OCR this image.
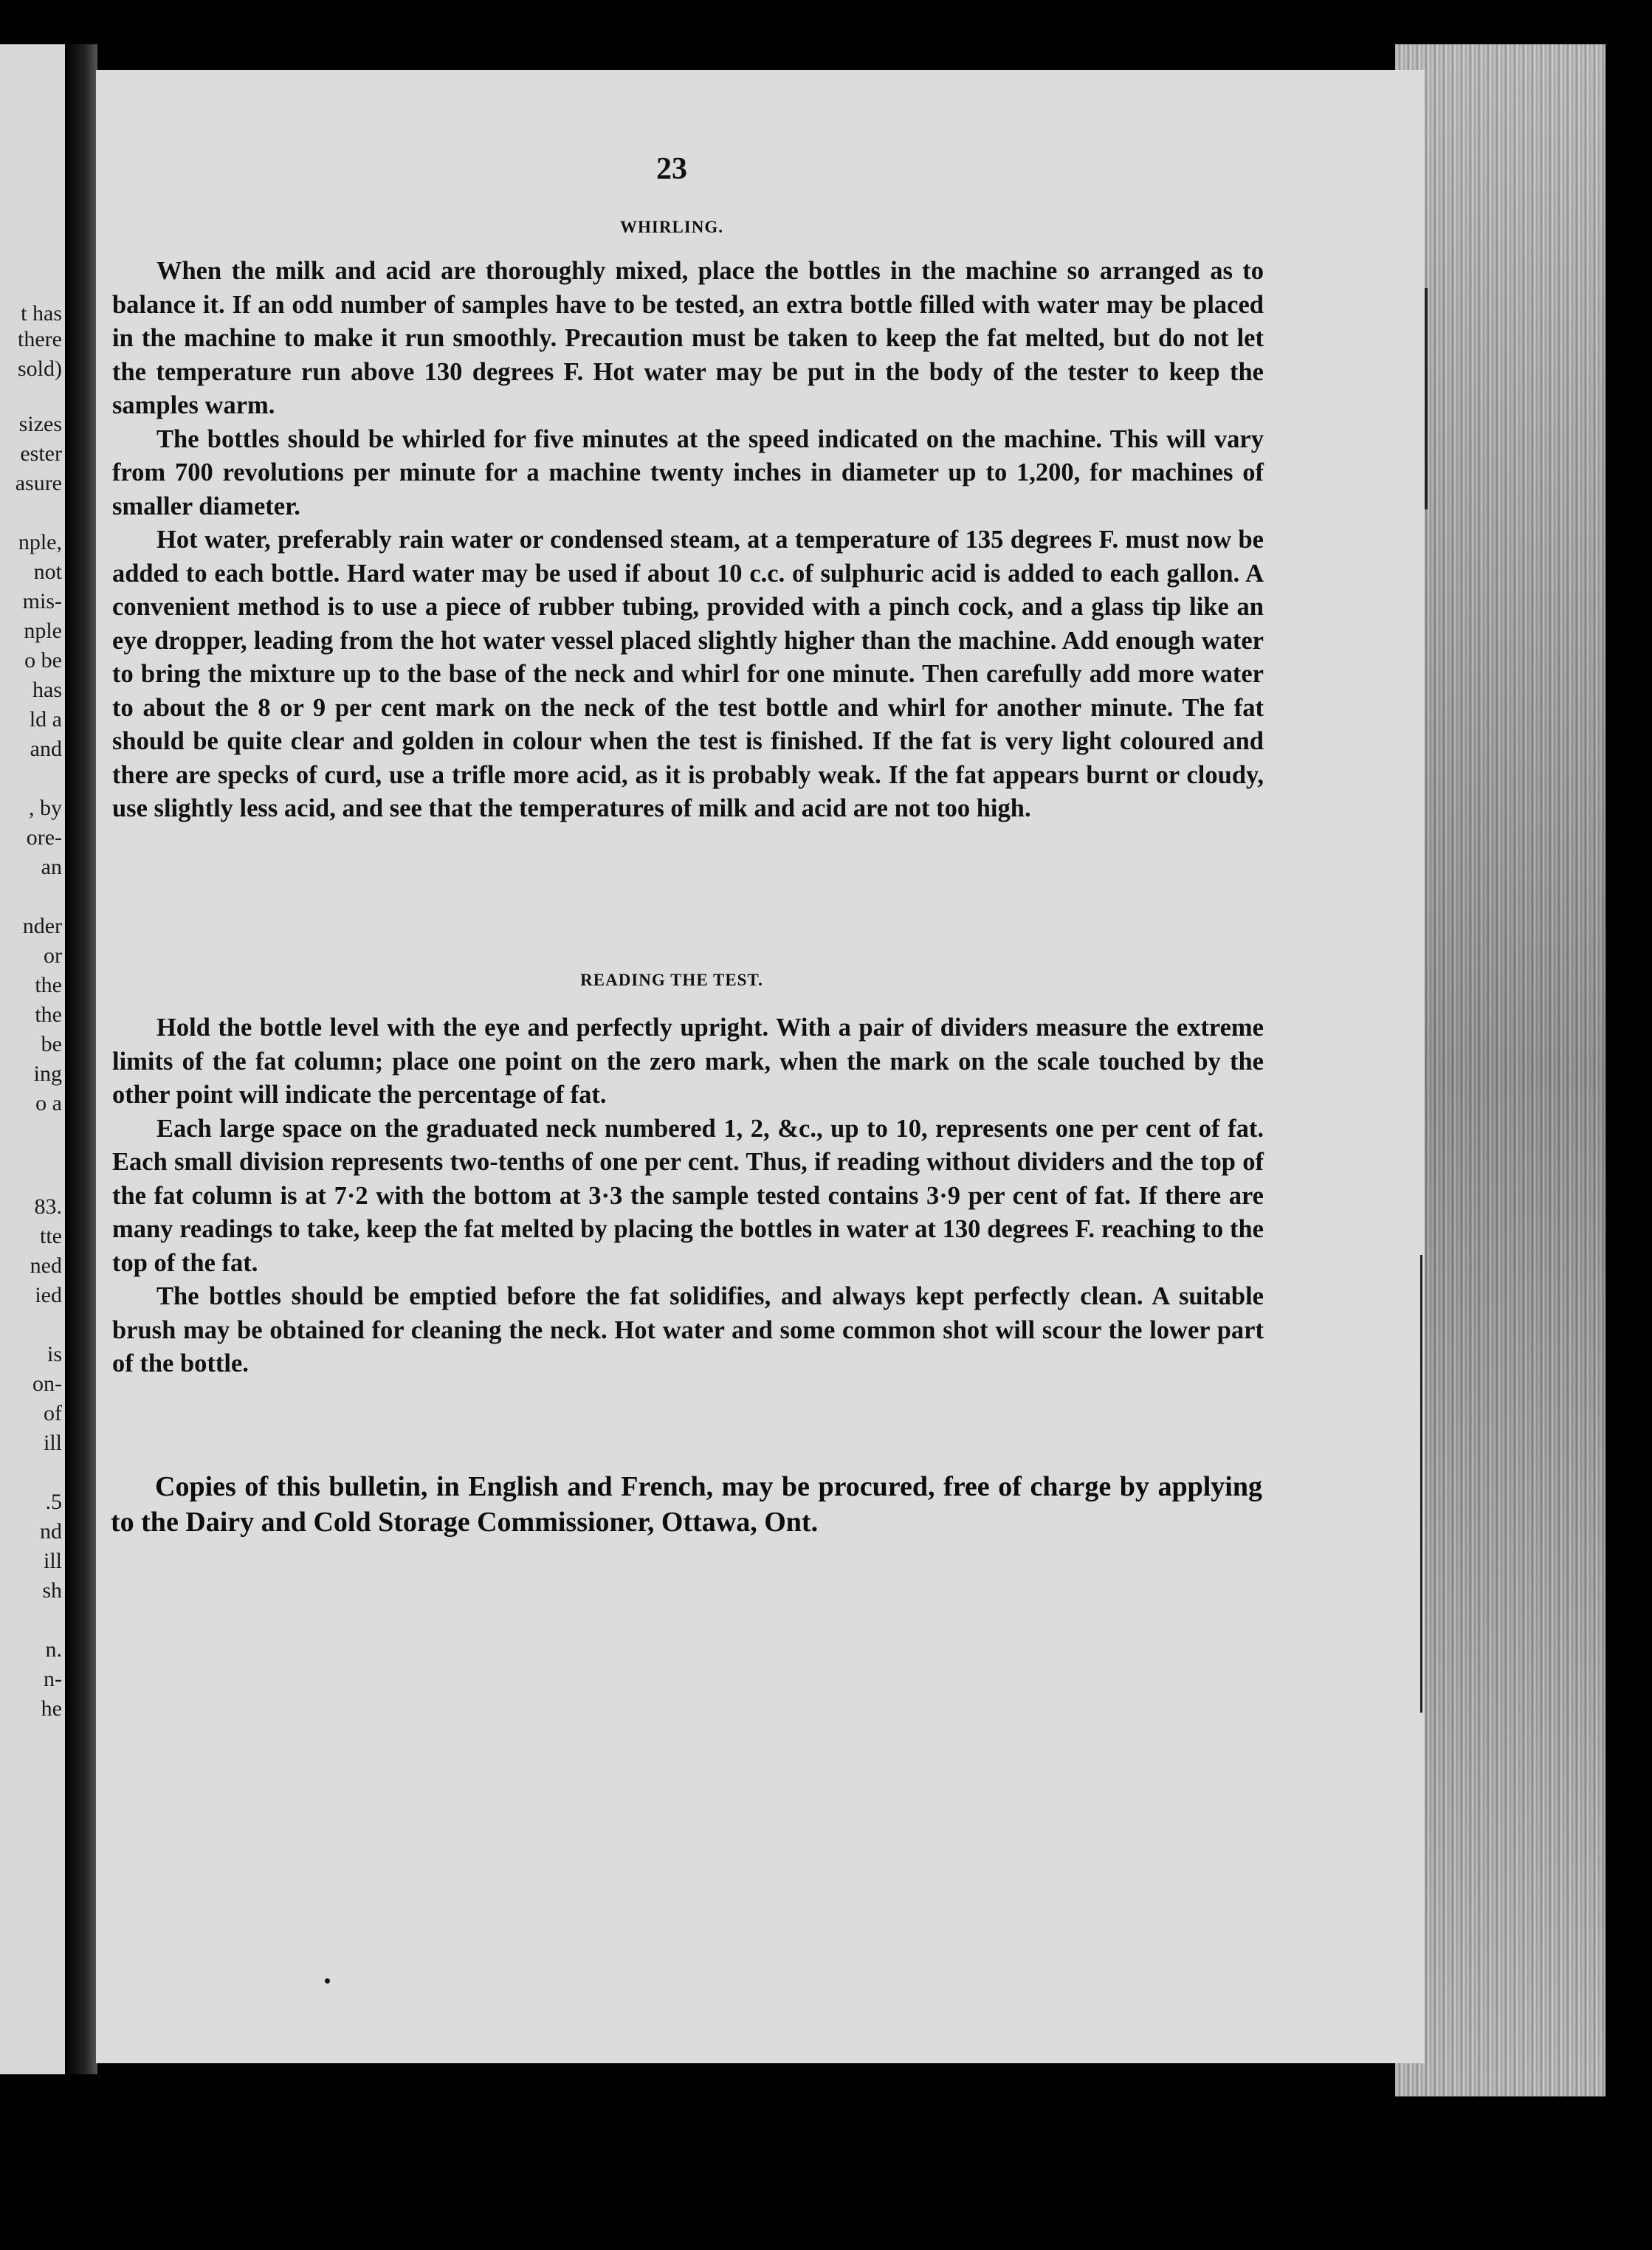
t has
there
sold)
sizes
ester
asure
nple,
not
mis-
nple
o be
has
ld a
and
, by
ore-
an
nder
or
the
the
be
ing
o a
83.
tte
ned
ied
is
on-
of
ill
.5
nd
ill
sh
n.
n-
he
23
WHIRLING.

When the milk and acid are thoroughly mixed, place the bottles in the machine so arranged as to balance it. If an odd number of samples have to be tested, an extra bottle filled with water may be placed in the machine to make it run smoothly. Precaution must be taken to keep the fat melted, but do not let the temperature run above 130 degrees F. Hot water may be put in the body of the tester to keep the samples warm.

The bottles should be whirled for five minutes at the speed indicated on the machine. This will vary from 700 revolutions per minute for a machine twenty inches in diameter up to 1,200, for machines of smaller diameter.

Hot water, preferably rain water or condensed steam, at a temperature of 135 degrees F. must now be added to each bottle. Hard water may be used if about 10 c.c. of sulphuric acid is added to each gallon. A convenient method is to use a piece of rubber tubing, provided with a pinch cock, and a glass tip like an eye dropper, leading from the hot water vessel placed slightly higher than the machine. Add enough water to bring the mixture up to the base of the neck and whirl for one minute. Then carefully add more water to about the 8 or 9 per cent mark on the neck of the test bottle and whirl for another minute. The fat should be quite clear and golden in colour when the test is finished. If the fat is very light coloured and there are specks of curd, use a trifle more acid, as it is probably weak. If the fat appears burnt or cloudy, use slightly less acid, and see that the temperatures of milk and acid are not too high.

READING THE TEST.

Hold the bottle level with the eye and perfectly upright. With a pair of dividers measure the extreme limits of the fat column; place one point on the zero mark, when the mark on the scale touched by the other point will indicate the percentage of fat.

Each large space on the graduated neck numbered 1, 2, &c., up to 10, represents one per cent of fat. Each small division represents two-tenths of one per cent. Thus, if reading without dividers and the top of the fat column is at 7·2 with the bottom at 3·3 the sample tested contains 3·9 per cent of fat. If there are many readings to take, keep the fat melted by placing the bottles in water at 130 degrees F. reaching to the top of the fat.

The bottles should be emptied before the fat solidifies, and always kept perfectly clean. A suitable brush may be obtained for cleaning the neck. Hot water and some common shot will scour the lower part of the bottle.

Copies of this bulletin, in English and French, may be procured, free of charge by applying to the Dairy and Cold Storage Commissioner, Ottawa, Ont.
